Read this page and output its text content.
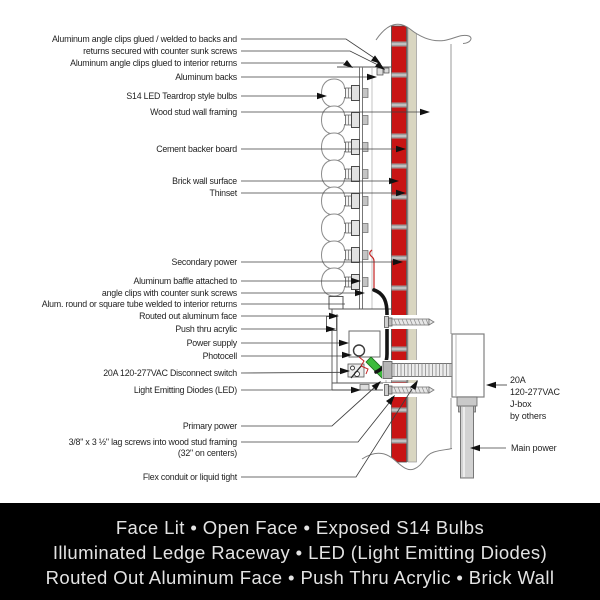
Aluminum angle clips glued / welded to backs and
returns secured with counter sunk screws
Aluminum angle clips glued to interior returns
Aluminum backs
S14 LED Teardrop style bulbs
Wood stud wall framing
Cement backer board
Brick wall surface
Thinset
Secondary power
Aluminum baffle attached to
angle clips with counter sunk screws
Alum. round or square tube welded to interior returns
Routed out aluminum face
Push thru acrylic
Power supply
Photocell
20A 120-277VAC Disconnect switch
Light Emitting Diodes (LED)
Primary power
3/8" x 3 ½" lag screws into wood stud framing
(32" on centers)
Flex conduit or liquid tight
20A
120-277VAC
J-box
by others
Main power
Face Lit • Open Face • Exposed S14 Bulbs
Illuminated Ledge Raceway • LED (Light Emitting Diodes)
Routed Out Aluminum Face • Push Thru Acrylic • Brick Wall
